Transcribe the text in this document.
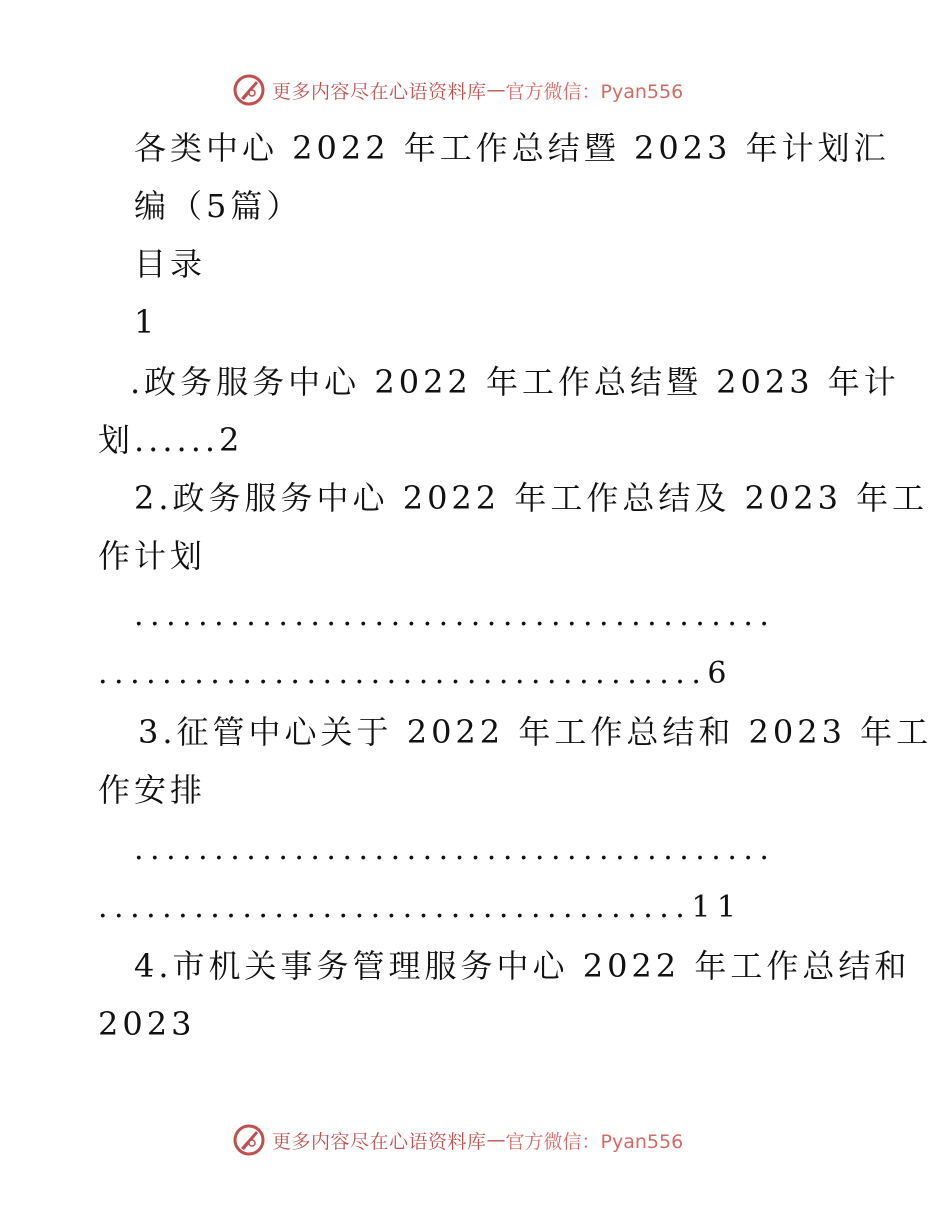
更多内容尽在心语资料库 — 官方微信：Pyan556
各类中心 2022 年工作总结暨 2023 年计划汇
编（5篇）
目录
1
.政务服务中心 2022 年工作总结暨 2023 年计
划......2
2.政务服务中心 2022 年工作总结及 2023 年工
作计划
........................................
......................................6
3.征管中心关于 2022 年工作总结和 2023 年工
作安排
........................................
.....................................11
4.市机关事务管理服务中心 2022 年工作总结和
2023
更多内容尽在心语资料库 — 官方微信：Pyan556
